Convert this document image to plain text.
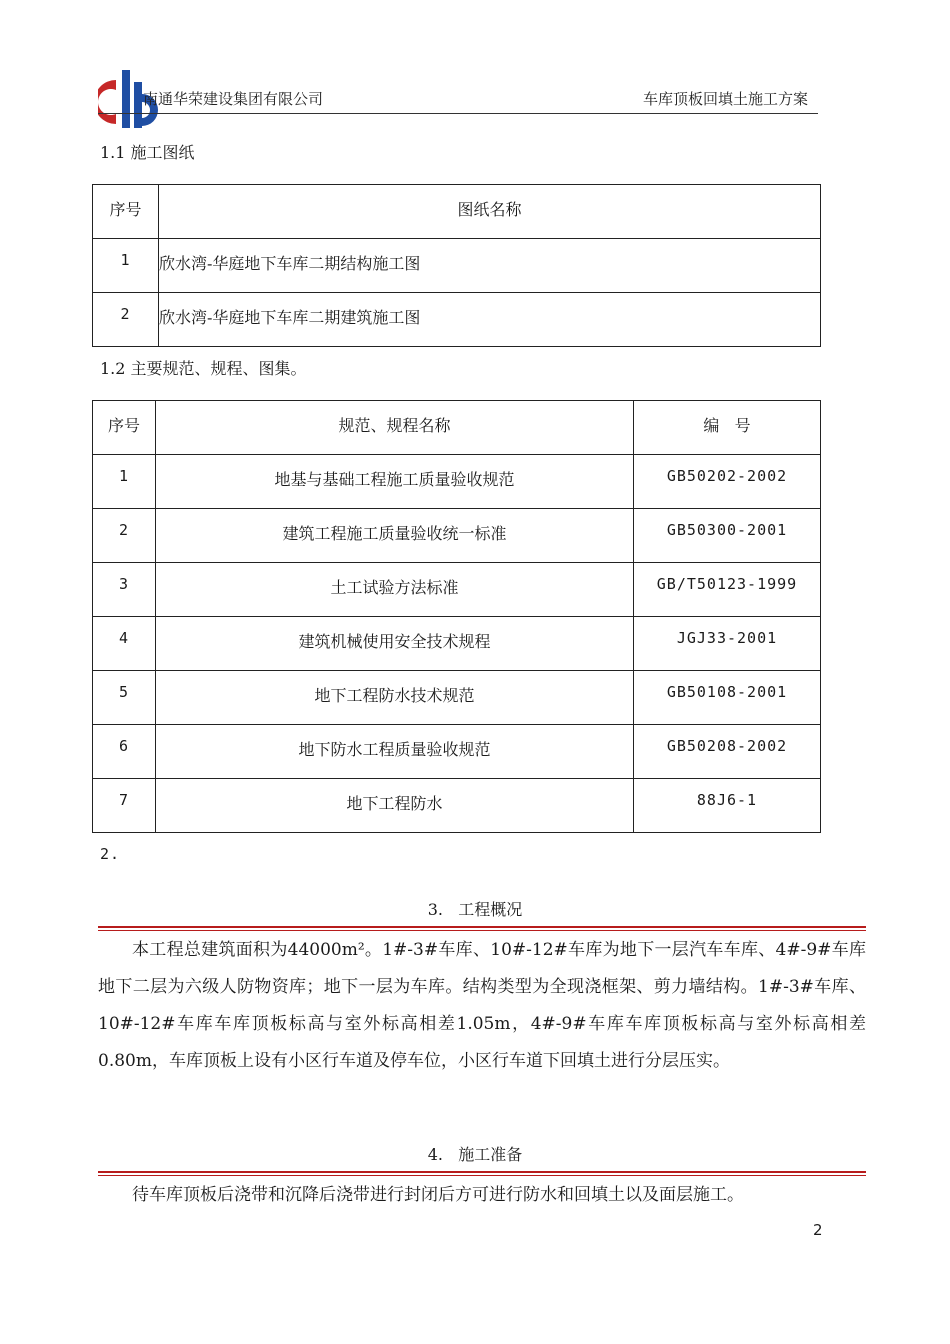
南通华荣建设集团有限公司	车库顶板回填土施工方案
1.1 施工图纸
序号	图纸名称

1	欣水湾-华庭地下车库二期结构施工图

2	欣水湾-华庭地下车库二期建筑施工图
1.2 主要规范、规程、图集。
序号	规范、规程名称	编   号

1	地基与基础工程施工质量验收规范	GB50202-2002

2	建筑工程施工质量验收统一标准	GB50300-2001

3	土工试验方法标准	GB/T50123-1999

4	建筑机械使用安全技术规程	JGJ33-2001

5	地下工程防水技术规范	GB50108-2001

6	地下防水工程质量验收规范	GB50208-2002

7	地下工程防水	88J6-1
2.
3.   工程概况
本工程总建筑面积为44000m²。1#-3#车库、10#-12#车库为地下一层汽车车库、4#-9#车库地下二层为六级人防物资库；地下一层为车库。结构类型为全现浇框架、剪力墙结构。1#-3#车库、10#-12#车库车库顶板标高与室外标高相差1.05m，4#-9#车库车库顶板标高与室外标高相差0.80m，车库顶板上设有小区行车道及停车位，小区行车道下回填土进行分层压实。
4.   施工准备
待车库顶板后浇带和沉降后浇带进行封闭后方可进行防水和回填土以及面层施工。
2
